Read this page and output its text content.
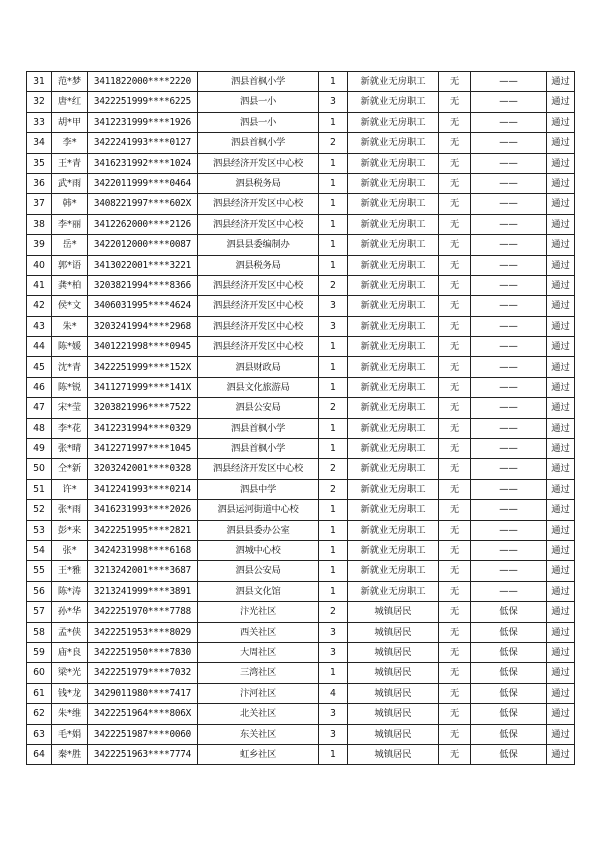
31	范*梦	3411822000****2220	泗县首枫小学	1	新就业无房职工	无	——	通过
32	唐*红	3422251999****6225	泗县一小	3	新就业无房职工	无	——	通过
33	胡*甲	3412231999****1926	泗县一小	1	新就业无房职工	无	——	通过
34	李*	3422241993****0127	泗县首枫小学	2	新就业无房职工	无	——	通过
35	王*青	3416231992****1024	泗县经济开发区中心校	1	新就业无房职工	无	——	通过
36	武*雨	3422011999****0464	泗县税务局	1	新就业无房职工	无	——	通过
37	韩*	3408221997****602X	泗县经济开发区中心校	1	新就业无房职工	无	——	通过
38	李*丽	3412262000****2126	泗县经济开发区中心校	1	新就业无房职工	无	——	通过
39	岳*	3422012000****0087	泗县县委编制办	1	新就业无房职工	无	——	通过
40	郭*语	3413022001****3221	泗县税务局	1	新就业无房职工	无	——	通过
41	龚*柏	3203821994****8366	泗县经济开发区中心校	2	新就业无房职工	无	——	通过
42	侯*文	3406031995****4624	泗县经济开发区中心校	3	新就业无房职工	无	——	通过
43	朱*	3203241994****2968	泗县经济开发区中心校	3	新就业无房职工	无	——	通过
44	陈*媛	3401221998****0945	泗县经济开发区中心校	1	新就业无房职工	无	——	通过
45	沈*青	3422251999****152X	泗县财政局	1	新就业无房职工	无	——	通过
46	陈*锐	3411271999****141X	泗县文化旅游局	1	新就业无房职工	无	——	通过
47	宋*莹	3203821996****7522	泗县公安局	2	新就业无房职工	无	——	通过
48	李*花	3412231994****0329	泗县首枫小学	1	新就业无房职工	无	——	通过
49	张*晴	3412271997****1045	泗县首枫小学	1	新就业无房职工	无	——	通过
50	仝*新	3203242001****0328	泗县经济开发区中心校	2	新就业无房职工	无	——	通过
51	许*	3412241993****0214	泗县中学	2	新就业无房职工	无	——	通过
52	张*雨	3416231993****2026	泗县运河街道中心校	1	新就业无房职工	无	——	通过
53	彭*来	3422251995****2821	泗县县委办公室	1	新就业无房职工	无	——	通过
54	张*	3424231998****6168	泗城中心校	1	新就业无房职工	无	——	通过
55	王*雅	3213242001****3687	泗县公安局	1	新就业无房职工	无	——	通过
56	陈*涛	3213241999****3891	泗县文化馆	1	新就业无房职工	无	——	通过
57	孙*华	3422251970****7788	汴光社区	2	城镇居民	无	低保	通过
58	孟*侠	3422251953****8029	西关社区	3	城镇居民	无	低保	通过
59	庙*良	3422251950****7830	大周社区	3	城镇居民	无	低保	通过
60	梁*光	3422251979****7032	三湾社区	1	城镇居民	无	低保	通过
61	钱*龙	3429011980****7417	汴河社区	4	城镇居民	无	低保	通过
62	朱*维	3422251964****806X	北关社区	3	城镇居民	无	低保	通过
63	毛*娟	3422251987****0060	东关社区	3	城镇居民	无	低保	通过
64	秦*胜	3422251963****7774	虹乡社区	1	城镇居民	无	低保	通过
